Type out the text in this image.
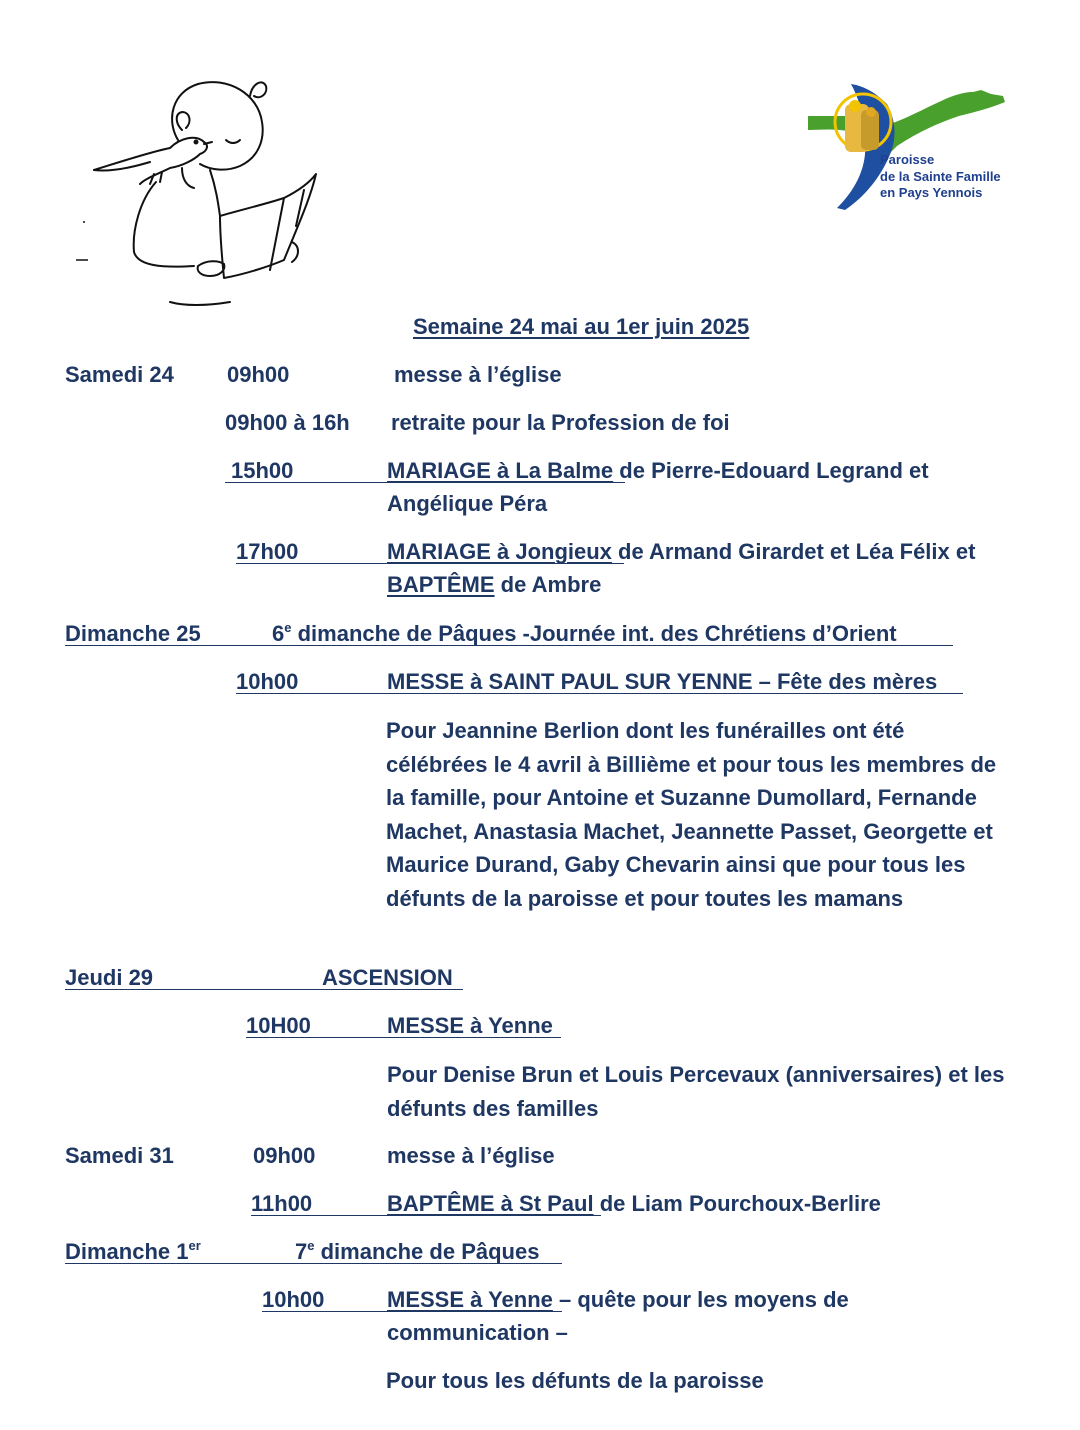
Paroisse
de la Sainte Famille
en Pays Yennois
Semaine 24 mai au 1er juin 2025
Samedi 24 09h00	messe à l’église
09h00 à 16h retraite pour la Profession de foi
15h00	MARIAGE à La Balme de Pierre-Edouard Legrand et
Angélique Péra
17h00	MARIAGE à Jongieux de Armand Girardet et Léa Félix et
BAPTÊME de Ambre
Dimanche 25	6e dimanche de Pâques -Journée int. des Chrétiens d’Orient
10h00	MESSE à SAINT PAUL SUR YENNE – Fête des mères
Pour Jeannine Berlion dont les funérailles ont été célébrées le 4 avril à Billième et pour tous les membres de la famille, pour Antoine et Suzanne Dumollard, Fernande Machet, Anastasia Machet, Jeannette Passet, Georgette et Maurice Durand, Gaby Chevarin ainsi que pour tous les défunts de la paroisse et pour toutes les mamans
Jeudi 29	ASCENSION
10H00	MESSE à Yenne
Pour Denise Brun et Louis Percevaux (anniversaires) et les défunts des familles
Samedi 31	09h00	messe à l’église
11h00	BAPTÊME à St Paul de Liam Pourchoux-Berlire
Dimanche 1er	7e dimanche de Pâques
10h00	MESSE à Yenne – quête pour les moyens de
communication –
Pour tous les défunts de la paroisse
